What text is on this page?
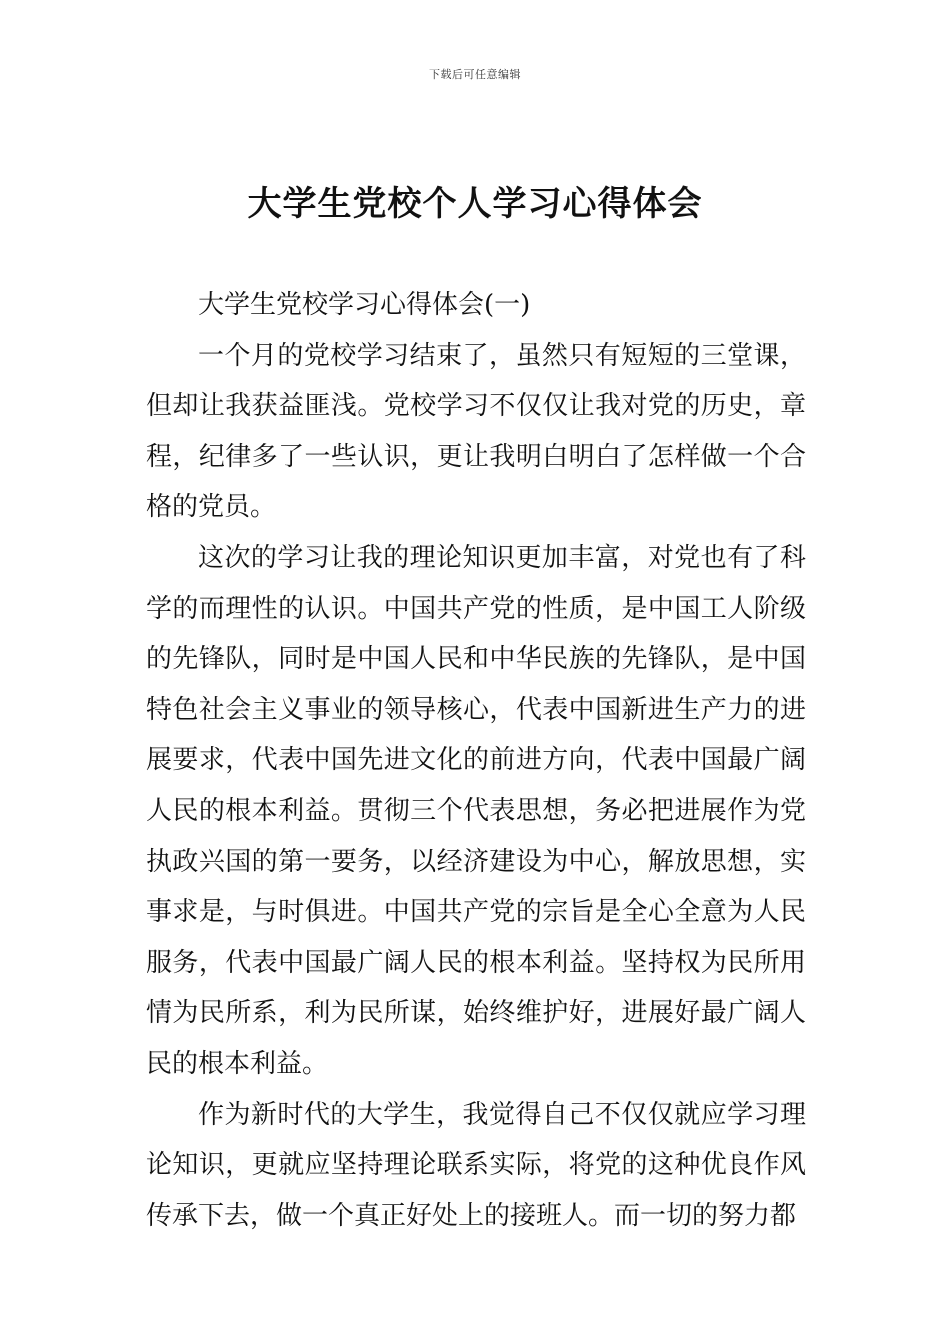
下载后可任意编辑
大学生党校个人学习心得体会

大学生党校学习心得体会(一)

一个月的党校学习结束了，虽然只有短短的三堂课，但却让我获益匪浅。党校学习不仅仅让我对党的历史，章程，纪律多了一些认识，更让我明白明白了怎样做一个合格的党员。

这次的学习让我的理论知识更加丰富，对党也有了科学的而理性的认识。中国共产党的性质，是中国工人阶级的先锋队，同时是中国人民和中华民族的先锋队，是中国特色社会主义事业的领导核心，代表中国新进生产力的进展要求，代表中国先进文化的前进方向，代表中国最广阔人民的根本利益。贯彻三个代表思想，务必把进展作为党执政兴国的第一要务，以经济建设为中心，解放思想，实事求是，与时俱进。中国共产党的宗旨是全心全意为人民服务，代表中国最广阔人民的根本利益。坚持权为民所用情为民所系，利为民所谋，始终维护好，进展好最广阔人民的根本利益。

作为新时代的大学生，我觉得自己不仅仅就应学习理论知识，更就应坚持理论联系实际，将党的这种优良作风传承下去，做一个真正好处上的接班人。而一切的努力都
